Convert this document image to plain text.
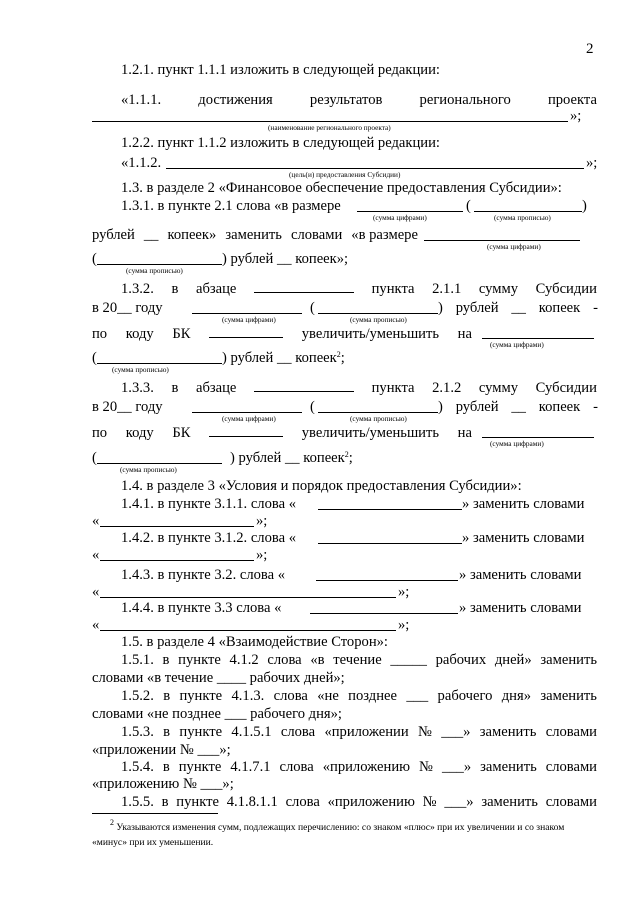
2
1.2.1. пункт 1.1.1 изложить в следующей редакции:
«1.1.1.	достижения	результатов	регионального	проекта
»;
(наименование регионального проекта)
1.2.2. пункт 1.1.2 изложить в следующей редакции:
«1.1.2.	»;
(цель(и) предоставления Субсидии)
1.3. в разделе 2 «Финансовое обеспечение предоставления Субсидии»:
1.3.1. в пункте 2.1 слова «в размере	(	)
(сумма цифрами)	(сумма прописью)
рублей __ копеек» заменить словами «в размере
(сумма цифрами)
(	) рублей __ копеек»;
(сумма прописью)
1.3.2. в абзаце	пункта 2.1.1 сумму Субсидии
в 20__ году	(	) рублей __ копеек -
(сумма цифрами)	(сумма прописью)
по коду БК	увеличить/уменьшить на
(сумма цифрами)
(	) рублей __ копеек$^2$;
(сумма прописью)
1.3.3. в абзаце	пункта 2.1.2 сумму Субсидии
в 20__ году	(	) рублей __ копеек -
(сумма цифрами)	(сумма прописью)
по коду БК	увеличить/уменьшить на
(сумма цифрами)
(	) рублей __ копеек$^2$;
(сумма прописью)
1.4. в разделе 3 «Условия и порядок предоставления Субсидии»:
1.4.1. в пункте 3.1.1. слова «	» заменить словами
«	»;
1.4.2. в пункте 3.1.2. слова «	» заменить словами
«	»;
1.4.3. в пункте 3.2. слова «	» заменить словами
«	»;
1.4.4. в пункте 3.3 слова «	» заменить словами
«	»;
1.5. в разделе 4 «Взаимодействие Сторон»:
1.5.1. в пункте 4.1.2 слова «в течение _____ рабочих дней» заменить
словами «в течение ____ рабочих дней»;
1.5.2. в пункте 4.1.3. слова «не позднее ___ рабочего дня» заменить
словами «не позднее ___ рабочего дня»;
1.5.3. в пункте 4.1.5.1 слова «приложении № ___» заменить словами
«приложении № ___»;
1.5.4. в пункте 4.1.7.1 слова «приложению № ___» заменить словами
«приложению № ___»;
1.5.5. в пункте 4.1.8.1.1 слова «приложению № ___» заменить словами
$^2$ Указываются изменения сумм, подлежащих перечислению: со знаком «плюс» при их увеличении и со знаком «минус» при их уменьшении.
